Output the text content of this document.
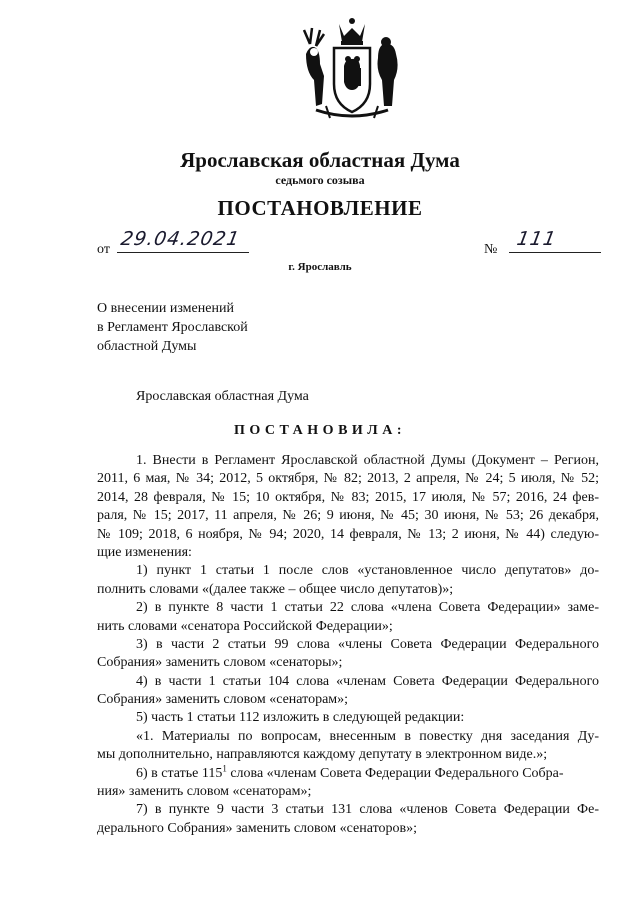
Ярославская областная Дума
седьмого созыва
ПОСТАНОВЛЕНИЕ
от 29.04.2021	№ 111
г. Ярославль
О внесении изменений
в Регламент Ярославской
областной Думы
Ярославская областная Дума
ПОСТАНОВИЛА:
1. Внести в Регламент Ярославской областной Думы (Документ – Регион,
2011, 6 мая, № 34; 2012, 5 октября, № 82; 2013, 2 апреля, № 24; 5 июля, № 52;
2014, 28 февраля, № 15; 10 октября, № 83; 2015, 17 июля, № 57; 2016, 24 фев-
раля, № 15; 2017, 11 апреля, № 26; 9 июня, № 45; 30 июня, № 53; 26 декабря,
№ 109; 2018, 6 ноября, № 94; 2020, 14 февраля, № 13; 2 июня, № 44) следую-
щие изменения:
1) пункт 1 статьи 1 после слов «установленное число депутатов» до-
полнить словами «(далее также – общее число депутатов)»;
2) в пункте 8 части 1 статьи 22 слова «члена Совета Федерации» заме-
нить словами «сенатора Российской Федерации»;
3) в части 2 статьи 99 слова «члены Совета Федерации Федерального
Собрания» заменить словом «сенаторы»;
4) в части 1 статьи 104 слова «членам Совета Федерации Федерального
Собрания» заменить словом «сенаторам»;
5) часть 1 статьи 112 изложить в следующей редакции:
«1. Материалы по вопросам, внесенным в повестку дня заседания Ду-
мы дополнительно, направляются каждому депутату в электронном виде.»;
6) в статье $115^1$ слова «членам Совета Федерации Федерального Собра-
ния» заменить словом «сенаторам»;
7) в пункте 9 части 3 статьи 131 слова «членов Совета Федерации Фе-
дерального Собрания» заменить словом «сенаторов»;
